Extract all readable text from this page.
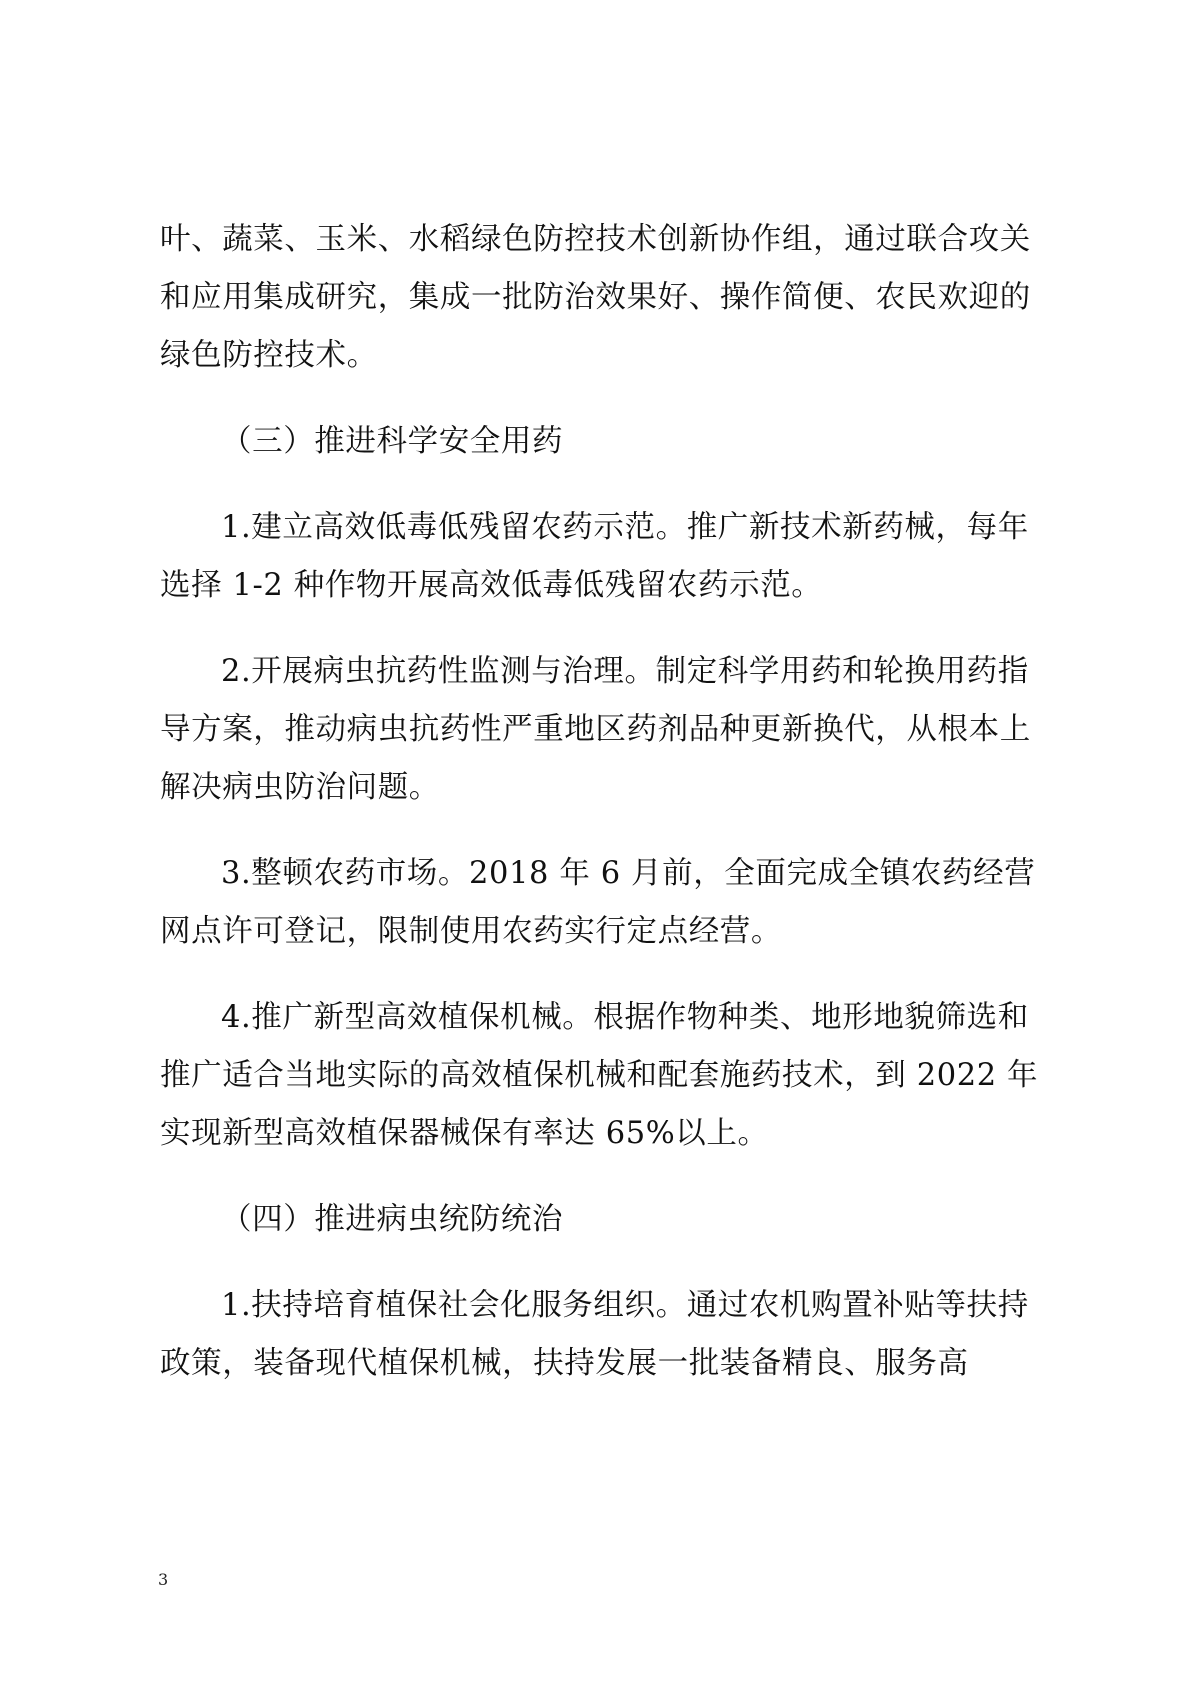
叶、蔬菜、玉米、水稻绿色防控技术创新协作组，通过联合攻关和应用集成研究，集成一批防治效果好、操作简便、农民欢迎的绿色防控技术。

（三）推进科学安全用药

1.建立高效低毒低残留农药示范。推广新技术新药械，每年选择 1-2 种作物开展高效低毒低残留农药示范。

2.开展病虫抗药性监测与治理。制定科学用药和轮换用药指导方案，推动病虫抗药性严重地区药剂品种更新换代，从根本上解决病虫防治问题。

3.整顿农药市场。2018 年 6 月前，全面完成全镇农药经营网点许可登记，限制使用农药实行定点经营。

4.推广新型高效植保机械。根据作物种类、地形地貌筛选和推广适合当地实际的高效植保机械和配套施药技术，到 2022 年实现新型高效植保器械保有率达 65%以上。

（四）推进病虫统防统治

1.扶持培育植保社会化服务组织。通过农机购置补贴等扶持政策，装备现代植保机械，扶持发展一批装备精良、服务高

3
